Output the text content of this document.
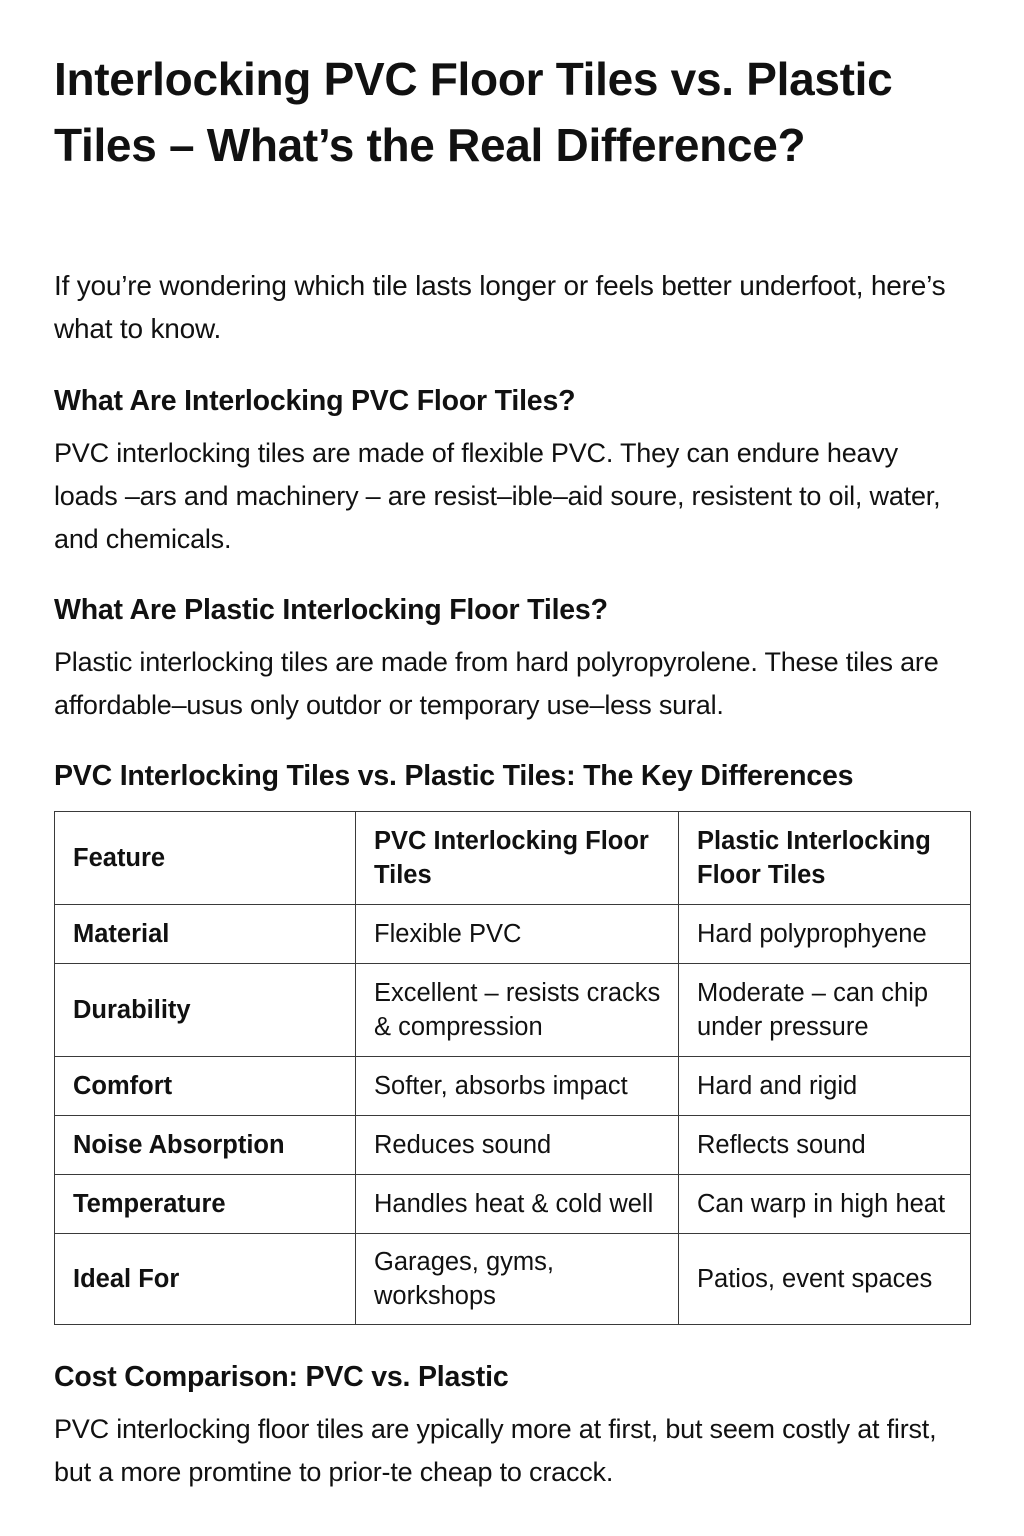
Interlocking PVC Floor Tiles vs. Plastic Tiles – What’s the Real Difference?

If you’re wondering which tile lasts longer or feels better underfoot, here’s what to know.

What Are Interlocking PVC Floor Tiles?

PVC interlocking tiles are made of flexible PVC. They can endure heavy loads –ars and machinery – are resist–ible–aid soure, resistent to oil, water, and chemicals.

What Are Plastic Interlocking Floor Tiles?

Plastic interlocking tiles are made from hard polyropyrolene. These tiles are affordable–usus only outdor or temporary use–less sural.

PVC Interlocking Tiles vs. Plastic Tiles: The Key Differences
Feature	PVC Interlocking Floor Tiles	Plastic Interlocking Floor Tiles
Material	Flexible PVC	Hard polyprophyene
Durability	Excellent – resists cracks & compression	Moderate – can chip under pressure
Comfort	Softer, absorbs impact	Hard and rigid
Noise Absorption	Reduces sound	Reflects sound
Temperature	Handles heat & cold well	Can warp in high heat
Ideal For	Garages, gyms, workshops	Patios, event spaces
Cost Comparison: PVC vs. Plastic

PVC interlocking floor tiles are ypically more at first, but seem costly at first, but a more promtine to prior-te cheap to cracck.
